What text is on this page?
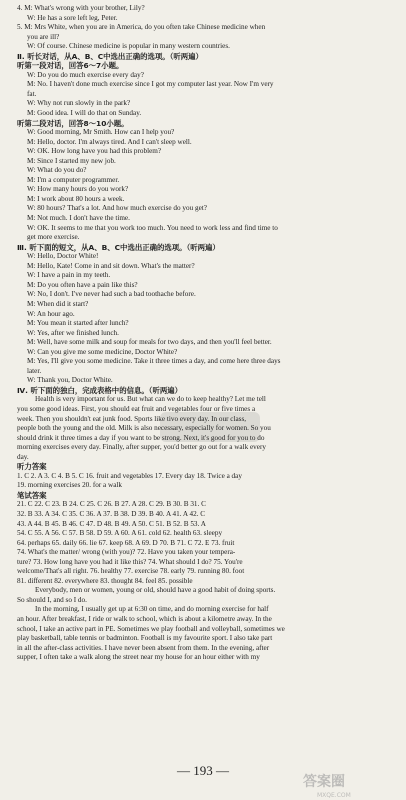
4. M: What's wrong with your brother, Lily?
W: He has a sore left leg, Peter.
5. M: Mrs White, when you are in America, do you often take Chinese medicine when
you are ill?
W: Of course. Chinese medicine is popular in many western countries.
Ⅱ. 听长对话，从A、B、C中选出正确的选项。（听两遍）
听第一段对话，回答6～7小题。
W: Do you do much exercise every day?
M: No. I haven't done much exercise since I got my computer last year. Now I'm very
fat.
W: Why not run slowly in the park?
M: Good idea. I will do that on Sunday.
听第二段对话，回答8～10小题。
W: Good morning, Mr Smith. How can I help you?
M: Hello, doctor. I'm always tired. And I can't sleep well.
W: OK. How long have you had this problem?
M: Since I started my new job.
W: What do you do?
M: I'm a computer programmer.
W: How many hours do you work?
M: I work about 80 hours a week.
W: 80 hours? That's a lot. And how much exercise do you get?
M: Not much. I don't have the time.
W: OK. It seems to me that you work too much. You need to work less and find time to
get more exercise.
Ⅲ. 听下面的短文，从A、B、C中选出正确的选项。（听两遍）
W: Hello, Doctor White!
M: Hello, Kate! Come in and sit down. What's the matter?
W: I have a pain in my teeth.
M: Do you often have a pain like this?
W: No, I don't. I've never had such a bad toothache before.
M: When did it start?
W: An hour ago.
M: You mean it started after lunch?
W: Yes, after we finished lunch.
M: Well, have some milk and soup for meals for two days, and then you'll feel better.
W: Can you give me some medicine, Doctor White?
M: Yes, I'll give you some medicine. Take it three times a day, and come here three days
later.
W: Thank you, Doctor White.
Ⅳ. 听下面的独白，完成表格中的信息。（听两遍）
Health is very important for us. But what can we do to keep healthy? Let me tell
you some good ideas. First, you should eat fruit and vegetables four or five times a
week. Then you shouldn't eat junk food. Sports like tivo every day. In our class,
people both the young and the old. Milk is also necessary, especially for women. So you
should drink it three times a day if you want to be strong. Next, it's good for you to do
morning exercises every day. Finally, after supper, you'd better go out for a walk every
day.
听力答案
1. C 2. A 3. C 4. B 5. C 16. fruit and vegetables 17. Every day 18. Twice a day
19. morning exercises 20. for a walk
笔试答案
21. C 22. C 23. B 24. C 25. C 26. B 27. A 28. C 29. B 30. B 31. C
32. B 33. A 34. C 35. C 36. A 37. B 38. D 39. B 40. A 41. A 42. C
43. A 44. B 45. B 46. C 47. D 48. B 49. A 50. C 51. B 52. B 53. A
54. C 55. A 56. C 57. B 58. D 59. A 60. A 61. cold 62. health 63. sleepy
64. perhaps 65. daily 66. lie 67. keep 68. A 69. D 70. B 71. C 72. E 73. fruit
74. What's the matter/ wrong (with you)? 72. Have you taken your tempera-
ture? 73. How long have you had it like this? 74. What should I do? 75. You're
welcome/That's all right. 76. healthy 77. exercise 78. early 79. running 80. foot
81. different 82. everywhere 83. thought 84. feel 85. possible
Everybody, men or women, young or old, should have a good habit of doing sports.
So should I, and so I do.
In the morning, I usually get up at 6:30 on time, and do morning exercise for half
an hour. After breakfast, I ride or walk to school, which is about a kilometre away. In the
school, I take an active part in PE. Sometimes we play football and volleyball, sometimes we
play basketball, table tennis or badminton. Football is my favourite sport. I also take part
in all the after-class activities. I have never been absent from them. In the evening, after
supper, I often take a walk along the street near my house for an hour either with my
— 193 —
答案圈
MXQE.COM
